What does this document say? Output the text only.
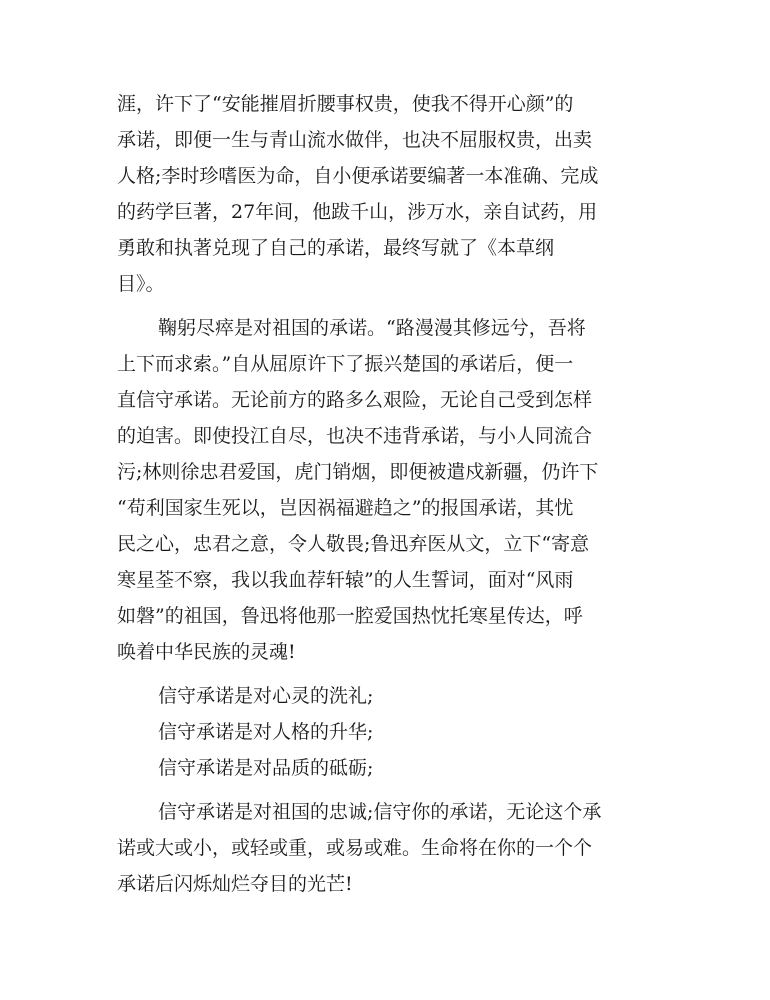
涯，许下了“安能摧眉折腰事权贵，使我不得开心颜”的

承诺，即便一生与青山流水做伴，也决不屈服权贵，出卖

人格;李时珍嗜医为命，自小便承诺要编著一本准确、完成

的药学巨著，27年间，他跋千山，涉万水，亲自试药，用

勇敢和执著兑现了自己的承诺，最终写就了《本草纲

目》。

鞠躬尽瘁是对祖国的承诺。“路漫漫其修远兮，吾将

上下而求索。”自从屈原许下了振兴楚国的承诺后，便一

直信守承诺。无论前方的路多么艰险，无论自己受到怎样

的迫害。即使投江自尽，也决不违背承诺，与小人同流合

污;林则徐忠君爱国，虎门销烟，即便被遣戍新疆，仍许下

“苟利国家生死以，岂因祸福避趋之”的报国承诺，其忧

民之心，忠君之意，令人敬畏;鲁迅弃医从文，立下“寄意

寒星荃不察，我以我血荐轩辕”的人生誓词，面对“风雨

如磐”的祖国，鲁迅将他那一腔爱国热忱托寒星传达，呼

唤着中华民族的灵魂!

信守承诺是对心灵的洗礼;

信守承诺是对人格的升华;

信守承诺是对品质的砥砺;

信守承诺是对祖国的忠诚;信守你的承诺，无论这个承

诺或大或小，或轻或重，或易或难。生命将在你的一个个

承诺后闪烁灿烂夺目的光芒!
